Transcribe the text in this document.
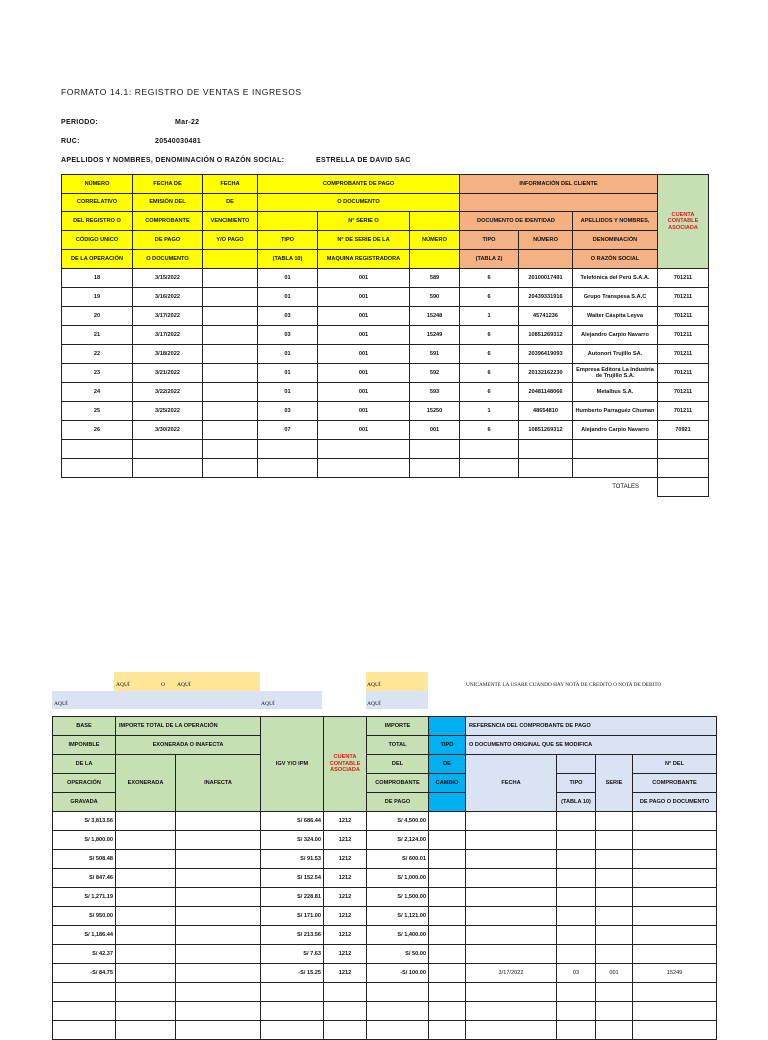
FORMATO 14.1: REGISTRO DE VENTAS E INGRESOS
PERIODO:	Mar-22
RUC:	20540030481
APELLIDOS Y NOMBRES, DENOMINACIÓN O RAZÓN SOCIAL:	ESTRELLA DE DAVID SAC
NÚMERO	FECHA DE	FECHA	COMPROBANTE DE PAGO			INFORMACIÓN DEL CLIENTE			CUENTA CONTABLE ASOCIADA
CORRELATIVO	EMISIÓN DEL	DE	O DOCUMENTO						
DEL REGISTRO O	COMPROBANTE	VENCIMIENTO		N° SERIE O		DOCUMENTO DE IDENTIDAD		APELLIDOS Y NOMBRES,	
CÓDIGO UNICO	DE PAGO	Y/O PAGO	TIPO	N° DE SERIE DE LA	NÚMERO	TIPO	NÚMERO	DENOMINACIÓN	
DE LA OPERACIÓN	O DOCUMENTO		(TABLA 10)	MAQUINA REGISTRADORA		(TABLA 2)		O RAZÓN SOCIAL	
18	3/15/2022		01	001	589	6	20100017491	Telefónica del Perú S.A.A.	701211
19	3/16/2022		01	001	590	6	20439331916	Grupo Transpesa S.A.C	701211
20	3/17/2022		03	001	15248	1	45741236	Walter Cáspita Leyva	701211
21	3/17/2022		03	001	15249	6	10851269312	Alejandro Carpio Navarro	701211
22	3/18/2022		01	001	591	6	20396419093	Autonort Trujillo SA.	701211
23	3/21/2022		01	001	592	6	20132162230	Empresa Editora La Industria de Trujillo S.A.	701211
24	3/22/2022		01	001	593	6	20481148066	Metalbus S.A.	701211
25	3/25/2022		03	001	15250	1	48654810	Humberto Parraguéz Chuman	701211
26	3/30/2022		07	001	001	6	10851269312	Alejandro Carpio Navarro	70921

TOTALES									
AQUÍ	O AQUÍ	AQUÍ
AQUÍ	AQUÍ	AQUÍ
UNICAMENTE LA USARE CUANDO HAY NOTA DE CREDITO O NOTA DE DEBITO
BASE	IMPORTE TOTAL DE LA OPERACIÓN		IGV Y/O IPM	CUENTA CONTABLE ASOCIADA	IMPORTE		REFERENCIA DEL COMPROBANTE DE PAGO			
IMPONIBLE	EXONERADA O INAFECTA				TOTAL	TIPO	O DOCUMENTO ORIGINAL QUE SE MODIFICA			
DE LA	EXONERADA	INAFECTA			DEL	DE	FECHA		SERIE	N° DEL
OPERACIÓN					COMPROBANTE	CAMBIO		TIPO		COMPROBANTE
GRAVADA					DE PAGO			(TABLA 10)		DE PAGO O DOCUMENTO
S/ 3,813.56			S/ 686.44	1212	S/ 4,500.00					
S/ 1,800.00			S/ 324.00	1212	S/ 2,124.00					
S/ 508.48			S/ 91.53	1212	S/ 600.01					
S/ 847.46			S/ 152.54	1212	S/ 1,000.00					
S/ 1,271.19			S/ 228.81	1212	S/ 1,500.00					
S/ 950.00			S/ 171.00	1212	S/ 1,121.00					
S/ 1,186.44			S/ 213.56	1212	S/ 1,400.00					
S/ 42.37			S/ 7.63	1212	S/ 50.00					
-S/ 84.75			-S/ 15.25	1212	-S/ 100.00		3/17/2022	03	001	15249
